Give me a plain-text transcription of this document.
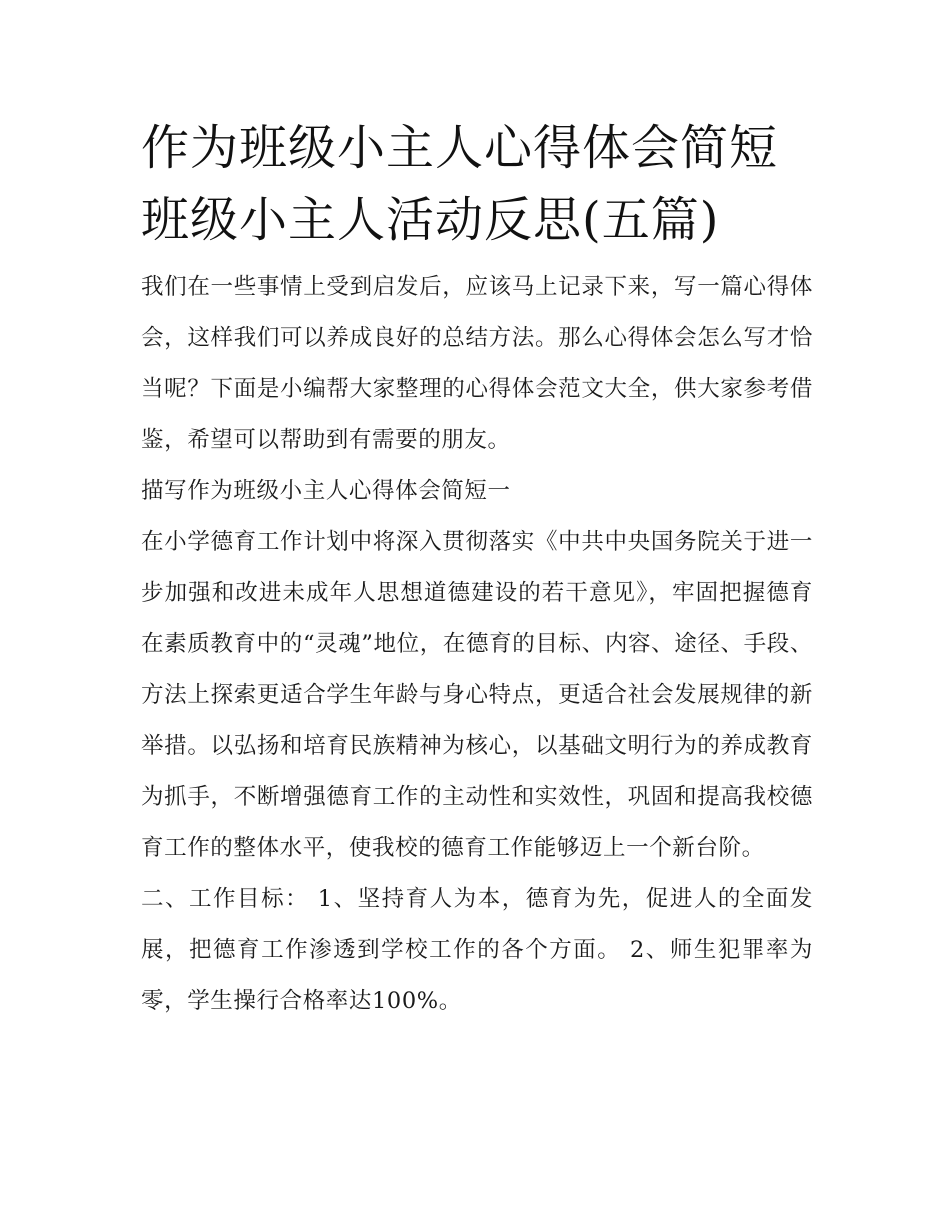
作为班级小主人心得体会简短
班级小主人活动反思(五篇)

我们在一些事情上受到启发后，应该马上记录下来，写一篇心得体会，这样我们可以养成良好的总结方法。那么心得体会怎么写才恰当呢？下面是小编帮大家整理的心得体会范文大全，供大家参考借鉴，希望可以帮助到有需要的朋友。

描写作为班级小主人心得体会简短一

在小学德育工作计划中将深入贯彻落实《中共中央国务院关于进一步加强和改进未成年人思想道德建设的若干意见》，牢固把握德育在素质教育中的“灵魂”地位，在德育的目标、内容、途径、手段、方法上探索更适合学生年龄与身心特点，更适合社会发展规律的新举措。以弘扬和培育民族精神为核心，以基础文明行为的养成教育为抓手，不断增强德育工作的主动性和实效性，巩固和提高我校德育工作的整体水平，使我校的德育工作能够迈上一个新台阶。

二、工作目标： 1、坚持育人为本，德育为先，促进人的全面发展，把德育工作渗透到学校工作的各个方面。 2、师生犯罪率为零，学生操行合格率达100%。
